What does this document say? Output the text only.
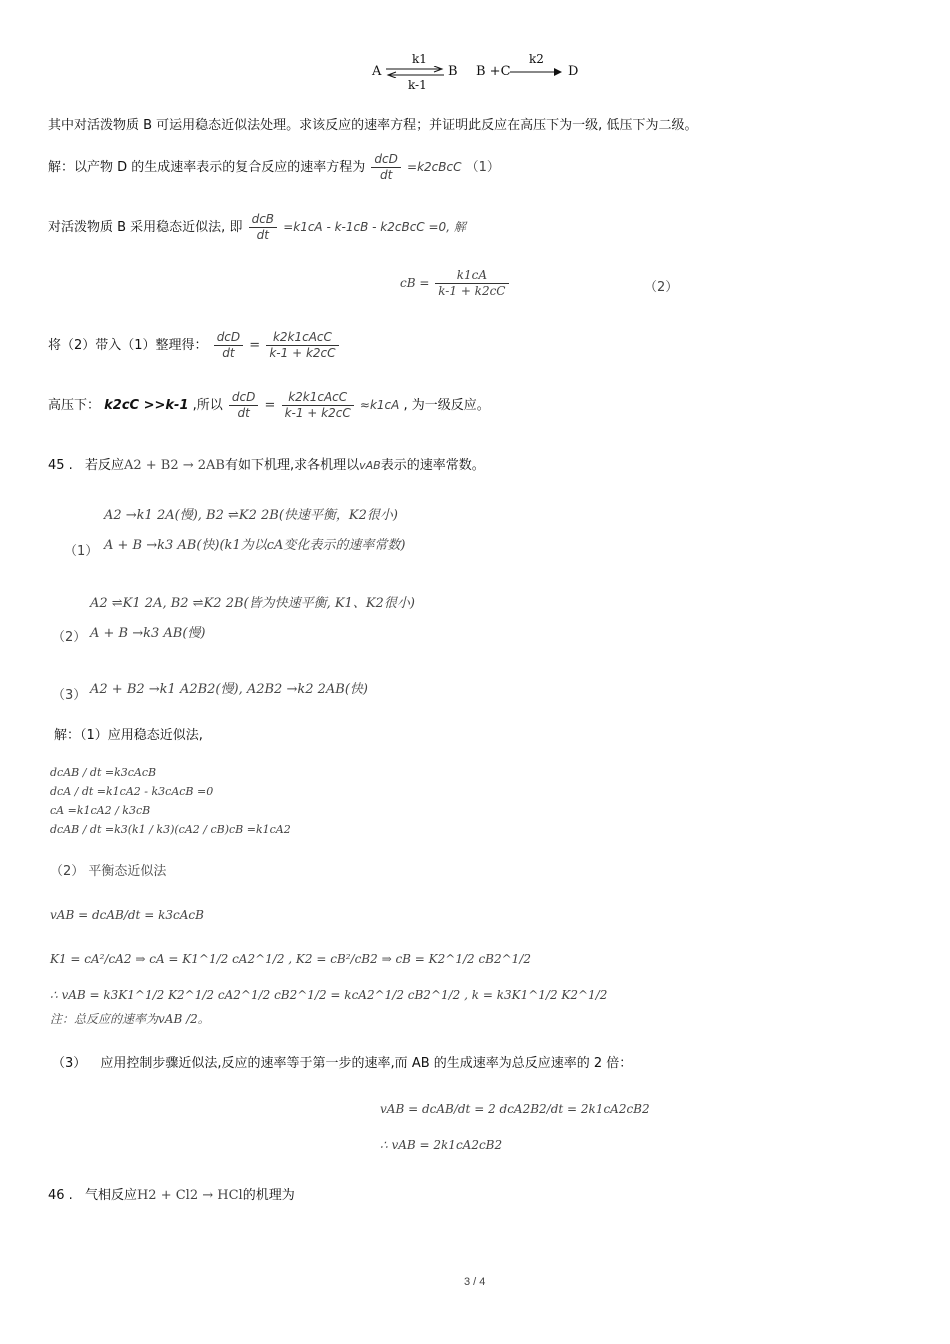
A
k1
k-1
B B +C
k2
D
其中对活泼物质 B 可运用稳态近似法处理。求该反应的速率方程；并证明此反应在高压下为一级, 低压下为二级。
解：以产物 D 的生成速率表示的复合反应的速率方程为 $\frac{\text{dcD}}{dt}$ =k2cBcC （1）
对活泼物质 B 采用稳态近似法, 即 $\frac{\text{dcB}}{dt} =k1cA - k-1cB$ - k2cBcC =0, 解
cB = $\frac{k1cA}{k-1 + k2cC}$	（2）
将（2）带入（1）整理得： $\frac{\text{dcD}}{dt} = \frac{\text{k2k1cAcC}}{k-1 + k2cC}$
高压下： k2cC >>k-1 ,所以 $\frac{\text{dcD}}{dt} = \frac{\text{k2k1cAcC}}{k-1 + k2cC} \approx k1cA$ , 为一级反应。
45 . 若反应A2 + B2 → 2AB有如下机理,求各机理以vAB表示的速率常数。
A2 →k1 2A(慢), B2 ⇌K2 2B(快速平衡，K2很小)
（1） A + B →k3 AB(快)(k1为以cA变化表示的速率常数)
A2 ⇌K1 2A, B2 ⇌K2 2B(皆为快速平衡, K1、K2很小)
（2） A + B →k3 AB(慢)
（3） A2 + B2 →k1 A2B2(慢), A2B2 →k2 2AB(快)
解：（1）应用稳态近似法,
dcAB / dt =k3cAcB
dcA / dt =k1cA2 - k3cAcB =0
cA =k1cA2 / k3cB
dcAB / dt =k3(k1 / k3)(cA2 / cB)cB =k1cA2
（2） 平衡态近似法
vAB = dcAB/dt = k3cAcB
K1 = cA²/cA2 ⇒ cA = K1^1/2 cA2^1/2 , K2 = cB²/cB2 ⇒ cB = K2^1/2 cB2^1/2
∴ vAB = k3K1^1/2 K2^1/2 cA2^1/2 cB2^1/2 = kcA2^1/2 cB2^1/2 , k = k3K1^1/2 K2^1/2
注：总反应的速率为vAB /2。
（3） 应用控制步骤近似法,反应的速率等于第一步的速率,而 AB 的生成速率为总反应速率的 2 倍：
vAB = dcAB/dt = 2 dcA2B2/dt = 2k1cA2cB2
∴ vAB = 2k1cA2cB2
46 . 气相反应H2 + Cl2 → HCl的机理为
3 / 4
